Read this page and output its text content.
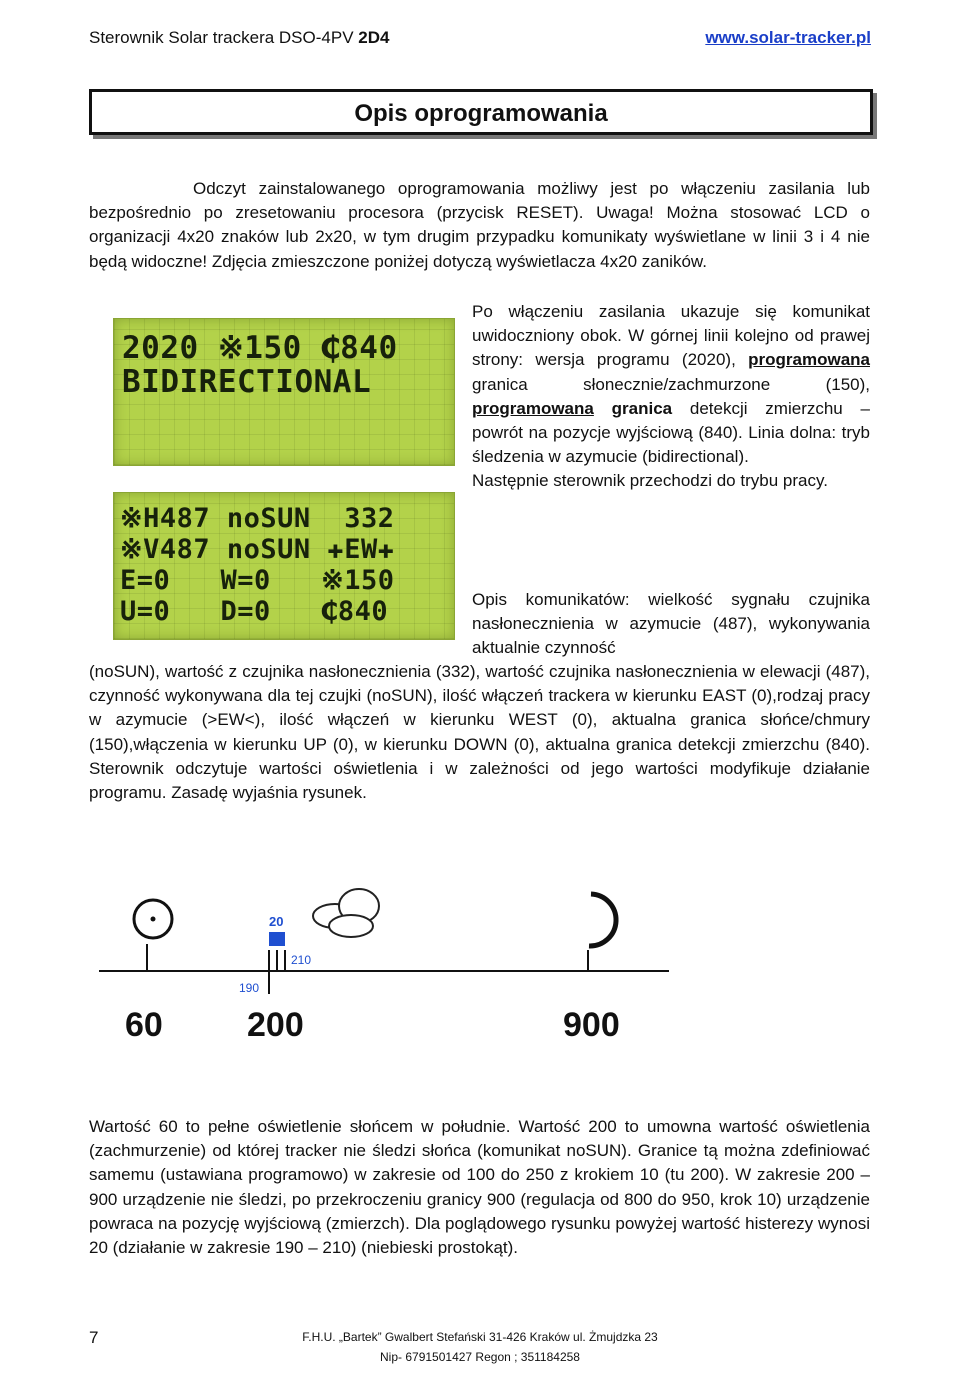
Sterownik Solar trackera DSO-4PV 2D4	www.solar-tracker.pl
Opis oprogramowania

Odczyt zainstalowanego oprogramowania możliwy jest po włączeniu zasilania lub bezpośrednio po zresetowaniu procesora (przycisk RESET). Uwaga! Można stosować LCD o organizacji 4x20 znaków lub 2x20, w tym drugim przypadku komunikaty wyświetlane w linii 3 i 4 nie będą widoczne! Zdjęcia zmieszczone poniżej dotyczą wyświetlacza 4x20 zaników.

2020 ※150 ₵840
BIDIRECTIONAL

Po włączeniu zasilania ukazuje się komunikat uwidoczniony obok. W górnej linii kolejno od prawej strony: wersja programu (2020), programowana granica słonecznie/zachmurzone (150), programowana granica detekcji zmierzchu – powrót na pozycje wyjściową (840). Linia dolna: tryb śledzenia w azymucie (bidirectional).

Następnie sterownik przechodzi do trybu pracy.

※H487 noSUN  332
※V487 noSUN ✚EW✚
E=0   W=0   ※150
U=0   D=0   ₵840	Opis komunikatów: wielkość sygnału czujnika nasłonecznienia w azymucie (487), wykonywania aktualnie czynność

(noSUN), wartość z czujnika nasłonecznienia (332), wartość czujnika nasłonecznienia w elewacji (487), czynność wykonywana dla tej czujki (noSUN), ilość włączeń trackera w kierunku EAST (0),rodzaj pracy w azymucie (>EW<), ilość włączeń w kierunku WEST (0), aktualna granica słońce/chmury (150),włączenia w kierunku UP (0), w kierunku DOWN (0), aktualna granica detekcji zmierzchu (840). Sterownik odczytuje wartości oświetlenia i w zależności od jego wartości modyfikuje działanie programu. Zasadę wyjaśnia rysunek.

20
210
190
60 200	900

Wartość 60 to pełne oświetlenie słońcem w południe. Wartość 200 to umowna wartość oświetlenia (zachmurzenie) od której tracker nie śledzi słońca (komunikat noSUN). Granice tą można zdefiniować samemu (ustawiana programowo) w zakresie od 100 do 250 z krokiem 10 (tu 200). W zakresie 200 – 900 urządzenie nie śledzi, po przekroczeniu granicy 900 (regulacja od 800 do 950, krok 10) urządzenie powraca na pozycję wyjściową (zmierzch). Dla poglądowego rysunku powyżej wartość histerezy wynosi 20 (działanie w zakresie 190 – 210) (niebieski prostokąt).

7	F.H.U. „Bartek” Gwalbert Stefański 31-426 Kraków ul. Żmujdzka 23
Nip- 6791501427 Regon ; 351184258
